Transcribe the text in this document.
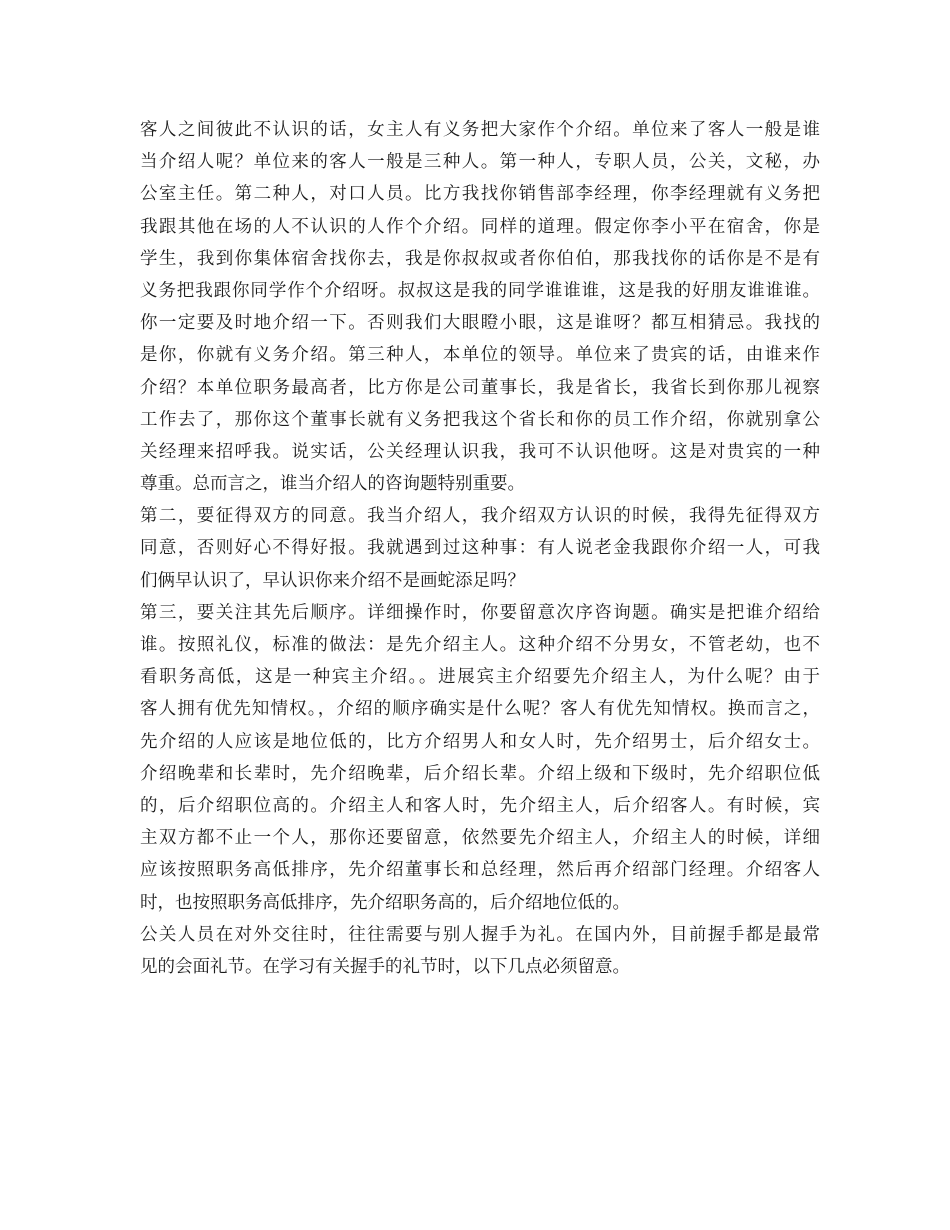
客人之间彼此不认识的话，女主人有义务把大家作个介绍。单位来了客人一般是谁
当介绍人呢？单位来的客人一般是三种人。第一种人，专职人员，公关，文秘，办
公室主任。第二种人，对口人员。比方我找你销售部李经理，你李经理就有义务把
我跟其他在场的人不认识的人作个介绍。同样的道理。假定你李小平在宿舍，你是
学生，我到你集体宿舍找你去，我是你叔叔或者你伯伯，那我找你的话你是不是有
义务把我跟你同学作个介绍呀。叔叔这是我的同学谁谁谁，这是我的好朋友谁谁谁。
你一定要及时地介绍一下。否则我们大眼瞪小眼，这是谁呀？都互相猜忌。我找的
是你，你就有义务介绍。第三种人，本单位的领导。单位来了贵宾的话，由谁来作
介绍？本单位职务最高者，比方你是公司董事长，我是省长，我省长到你那儿视察
工作去了，那你这个董事长就有义务把我这个省长和你的员工作介绍，你就别拿公
关经理来招呼我。说实话，公关经理认识我，我可不认识他呀。这是对贵宾的一种
尊重。总而言之，谁当介绍人的咨询题特别重要。
第二，要征得双方的同意。我当介绍人，我介绍双方认识的时候，我得先征得双方
同意，否则好心不得好报。我就遇到过这种事：有人说老金我跟你介绍一人，可我
们俩早认识了，早认识你来介绍不是画蛇添足吗？
第三，要关注其先后顺序。详细操作时，你要留意次序咨询题。确实是把谁介绍给
谁。按照礼仪，标准的做法：是先介绍主人。这种介绍不分男女，不管老幼，也不
看职务高低，这是一种宾主介绍。。进展宾主介绍要先介绍主人，为什么呢？由于
客人拥有优先知情权。，介绍的顺序确实是什么呢？客人有优先知情权。换而言之，
先介绍的人应该是地位低的，比方介绍男人和女人时，先介绍男士，后介绍女士。
介绍晚辈和长辈时，先介绍晚辈，后介绍长辈。介绍上级和下级时，先介绍职位低
的，后介绍职位高的。介绍主人和客人时，先介绍主人，后介绍客人。有时候，宾
主双方都不止一个人，那你还要留意，依然要先介绍主人，介绍主人的时候，详细
应该按照职务高低排序，先介绍董事长和总经理，然后再介绍部门经理。介绍客人
时，也按照职务高低排序，先介绍职务高的，后介绍地位低的。
公关人员在对外交往时，往往需要与别人握手为礼。在国内外，目前握手都是最常
见的会面礼节。在学习有关握手的礼节时，以下几点必须留意。
